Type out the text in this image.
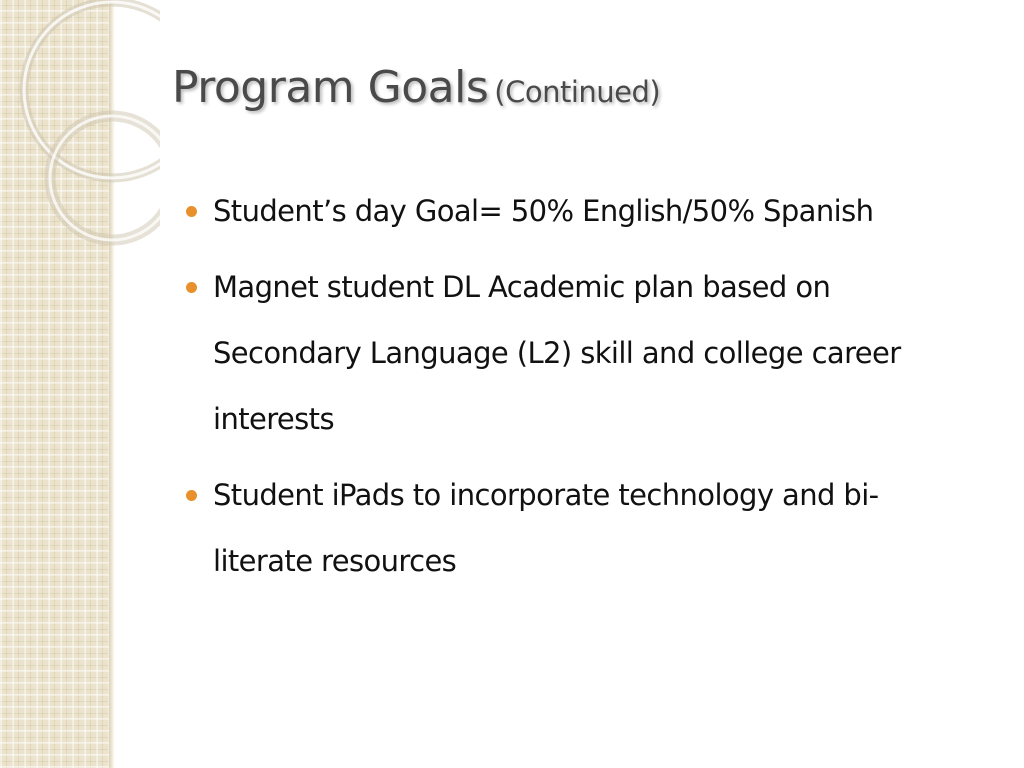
Program Goals (Continued)
Student’s day Goal= 50% English/50% Spanish
Magnet student DL Academic plan based on Secondary Language (L2) skill and college career interests
Student iPads to incorporate technology and bi-literate resources
